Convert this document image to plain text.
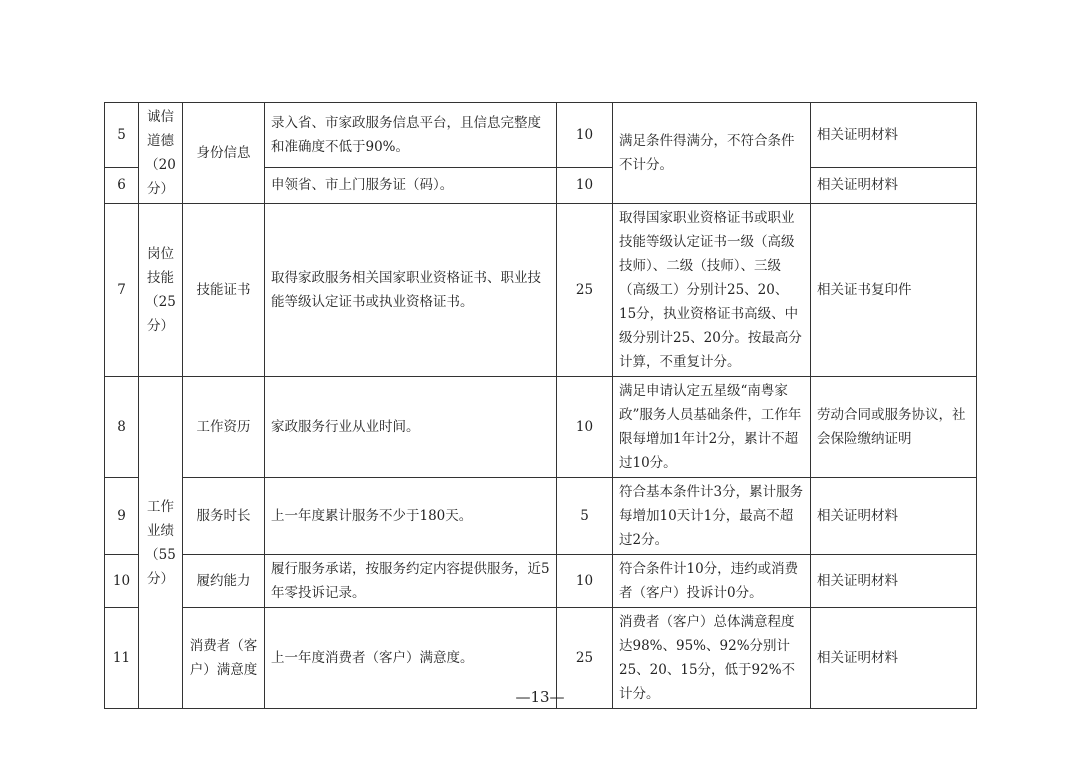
5	诚信
道德
（20
分）	身份信息	录入省、市家政服务信息平台，且信息完整度和准确度不低于90%。	10	满足条件得满分，不符合条件不计分。	相关证明材料
6			申领省、市上门服务证（码）。	10		相关证明材料
7	岗位
技能
（25
分）	技能证书	取得家政服务相关国家职业资格证书、职业技能等级认定证书或执业资格证书。	25	取得国家职业资格证书或职业技能等级认定证书一级（高级技师）、二级（技师）、三级（高级工）分别计25、20、15分，执业资格证书高级、中级分别计25、20分。按最高分计算，不重复计分。	相关证书复印件
8	工作
业绩
（55
分）	工作资历	家政服务行业从业时间。	10	满足申请认定五星级“南粤家政”服务人员基础条件，工作年限每增加1年计2分，累计不超过10分。	劳动合同或服务协议，社会保险缴纳证明
9		服务时长	上一年度累计服务不少于180天。	5	符合基本条件计3分，累计服务每增加10天计1分，最高不超过2分。	相关证明材料
10		履约能力	履行服务承诺，按服务约定内容提供服务，近5年零投诉记录。	10	符合条件计10分，违约或消费者（客户）投诉计0分。	相关证明材料
11		消费者（客户）满意度	上一年度消费者（客户）满意度。	25	消费者（客户）总体满意程度达98%、95%、92%分别计25、20、15分，低于92%不计分。	相关证明材料
—13—
